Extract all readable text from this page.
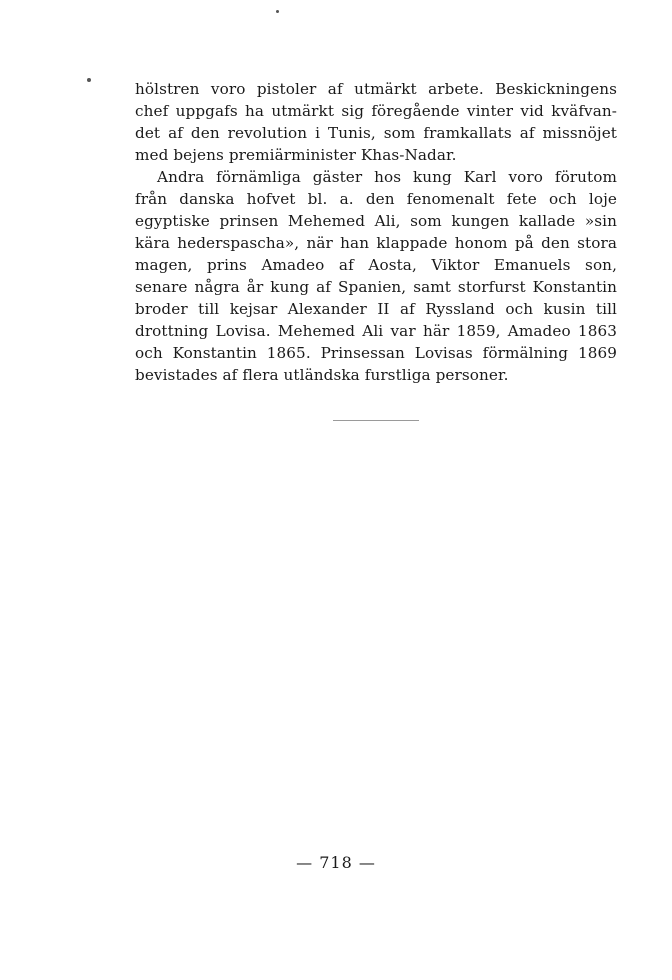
hölstren voro pistoler af utmärkt arbete. Beskickningens
chef uppgafs ha utmärkt sig föregående vinter vid kväfvan-
det af den revolution i Tunis, som framkallats af missnöjet
med bejens premiärminister Khas-Nadar.
Andra förnämliga gäster hos kung Karl voro förutom
från danska hofvet bl. a. den fenomenalt fete och loje
egyptiske prinsen Mehemed Ali, som kungen kallade »sin
kära hederspascha», när han klappade honom på den stora
magen, prins Amadeo af Aosta, Viktor Emanuels son,
senare några år kung af Spanien, samt storfurst Konstantin
broder till kejsar Alexander II af Ryssland och kusin till
drottning Lovisa. Mehemed Ali var här 1859, Amadeo 1863
och Konstantin 1865. Prinsessan Lovisas förmälning 1869
bevistades af flera utländska furstliga personer.
— 718 —
